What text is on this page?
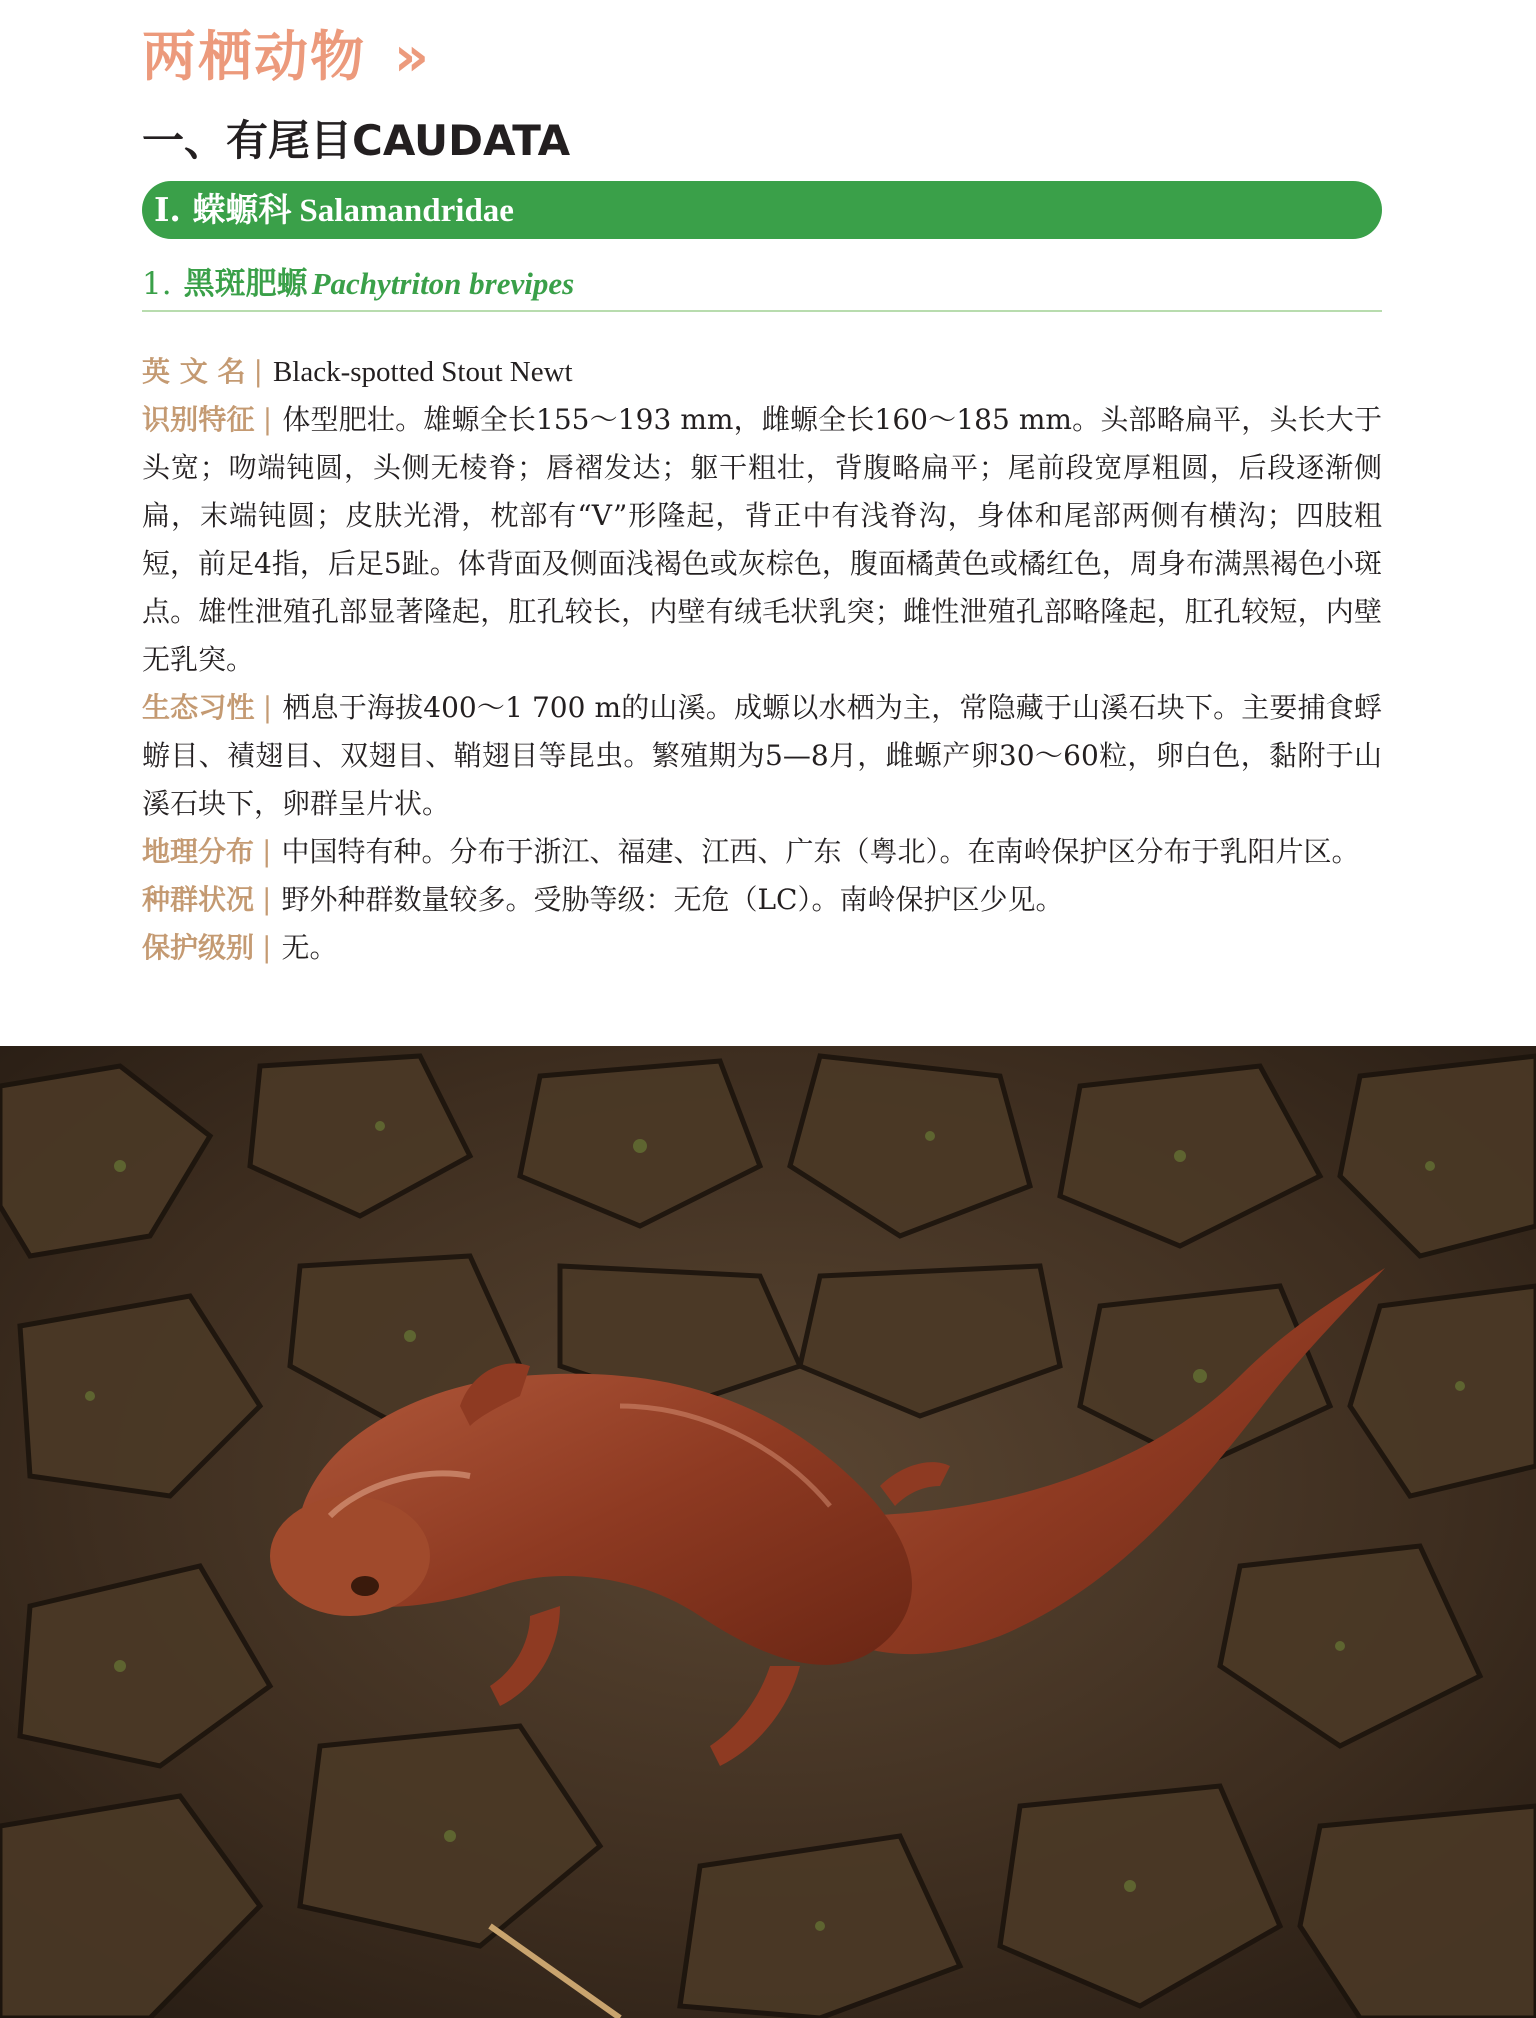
两栖动物 »
一、有尾目CAUDATA
Ⅰ. 蝾螈科 Salamandridae
1. 黑斑肥螈 Pachytriton brevipes

英 文 名 | Black-spotted Stout Newt

识别特征 | 体型肥壮。雄螈全长155～193 mm，雌螈全长160～185 mm。头部略扁平，头长大于头宽；吻端钝圆，头侧无棱脊；唇褶发达；躯干粗壮，背腹略扁平；尾前段宽厚粗圆，后段逐渐侧扁，末端钝圆；皮肤光滑，枕部有“V”形隆起，背正中有浅脊沟，身体和尾部两侧有横沟；四肢粗短，前足4指，后足5趾。体背面及侧面浅褐色或灰棕色，腹面橘黄色或橘红色，周身布满黑褐色小斑点。雄性泄殖孔部显著隆起，肛孔较长，内壁有绒毛状乳突；雌性泄殖孔部略隆起，肛孔较短，内壁无乳突。

生态习性 | 栖息于海拔400～1 700 m的山溪。成螈以水栖为主，常隐藏于山溪石块下。主要捕食蜉蝣目、襀翅目、双翅目、鞘翅目等昆虫。繁殖期为5—8月，雌螈产卵30～60粒，卵白色，黏附于山溪石块下，卵群呈片状。

地理分布 | 中国特有种。分布于浙江、福建、江西、广东（粤北）。在南岭保护区分布于乳阳片区。

种群状况 | 野外种群数量较多。受胁等级：无危（LC）。南岭保护区少见。

保护级别 | 无。
